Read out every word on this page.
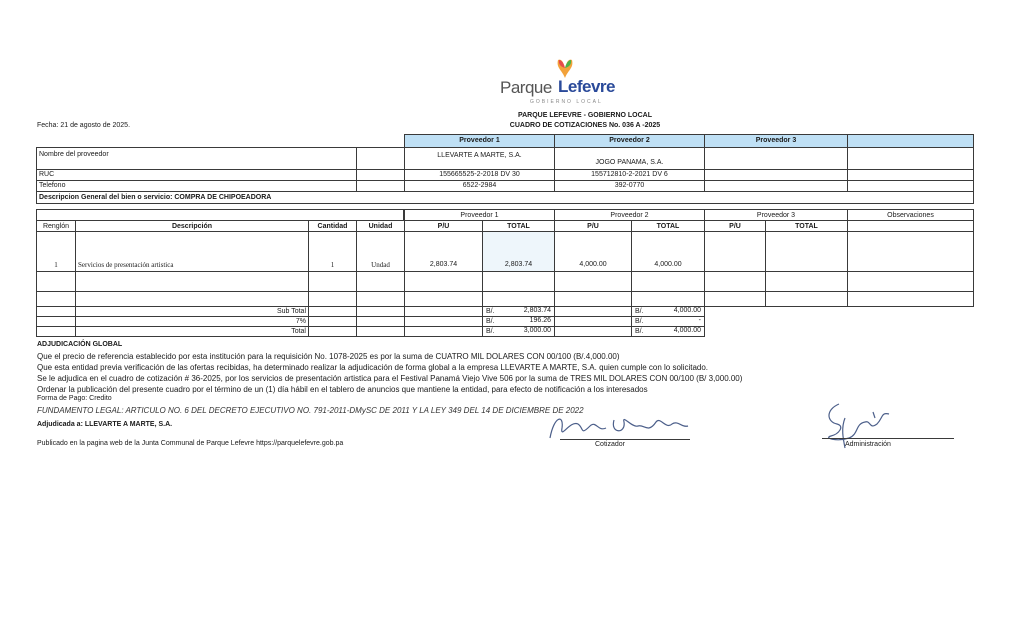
Parque Lefevre
GOBIERNO LOCAL
PARQUE LEFEVRE - GOBIERNO LOCAL
CUADRO DE COTIZACIONES No. 036 A -2025
Fecha: 21 de agosto de 2025.
Proveedor 1	Proveedor 2	Proveedor 3
Nombre del proveedor	LLEVARTE A MARTE, S.A.
JOGO PANAMA, S.A.
RUC	155665525-2-2018 DV 30	155712810-2-2021 DV 6
Telefono	6522-2984	392-0770
Descripcion General del bien o servicio: COMPRA DE CHIPOEADORA
Proveedor 1	Proveedor 2	Proveedor 3	Observaciones
Renglón	Descripción	Cantidad	Unidad	P/U	TOTAL	P/U	TOTAL	P/U	TOTAL
1	Servicios de presentación artistica	1	Undad	2,803.74	2,803.74	4,000.00	4,000.00
Sub Total	B/.	2,803.74	B/.	4,000.00
7%	B/.	196.26	B/.	-
Total	B/.	3,000.00	B/.	4,000.00
ADJUDICACIÓN GLOBAL
Que el precio de referencia establecido por esta institución para la requisición No. 1078-2025 es por la suma de CUATRO MIL DOLARES CON 00/100 (B/.4,000.00)
Que esta entidad previa verificación de las ofertas recibidas, ha determinado realizar la adjudicación de forma global a la empresa LLEVARTE A MARTE, S.A. quien cumple con lo solicitado.
Se le adjudica en el cuadro de cotización # 36-2025, por los servicios de presentación artistica para el Festival Panamá Viejo Vive 506 por la suma de TRES MIL DOLARES CON 00/100 (B/ 3,000.00)
Ordenar la publicación del presente cuadro por el término de un (1) día hábil en el tablero de anuncios que mantiene la entidad, para efecto de notificación a los interesados
Forma de Pago: Credito
FUNDAMENTO LEGAL: ARTICULO NO. 6 DEL DECRETO EJECUTIVO NO. 791-2011-DMySC DE 2011 Y LA LEY 349 DEL 14 DE DICIEMBRE DE 2022
Adjudicada a: LLEVARTE A MARTE, S.A.
Publicado en la pagina web de la Junta Communal de Parque Lefevre https://parquelefevre.gob.pa	Cotizador	Administración
